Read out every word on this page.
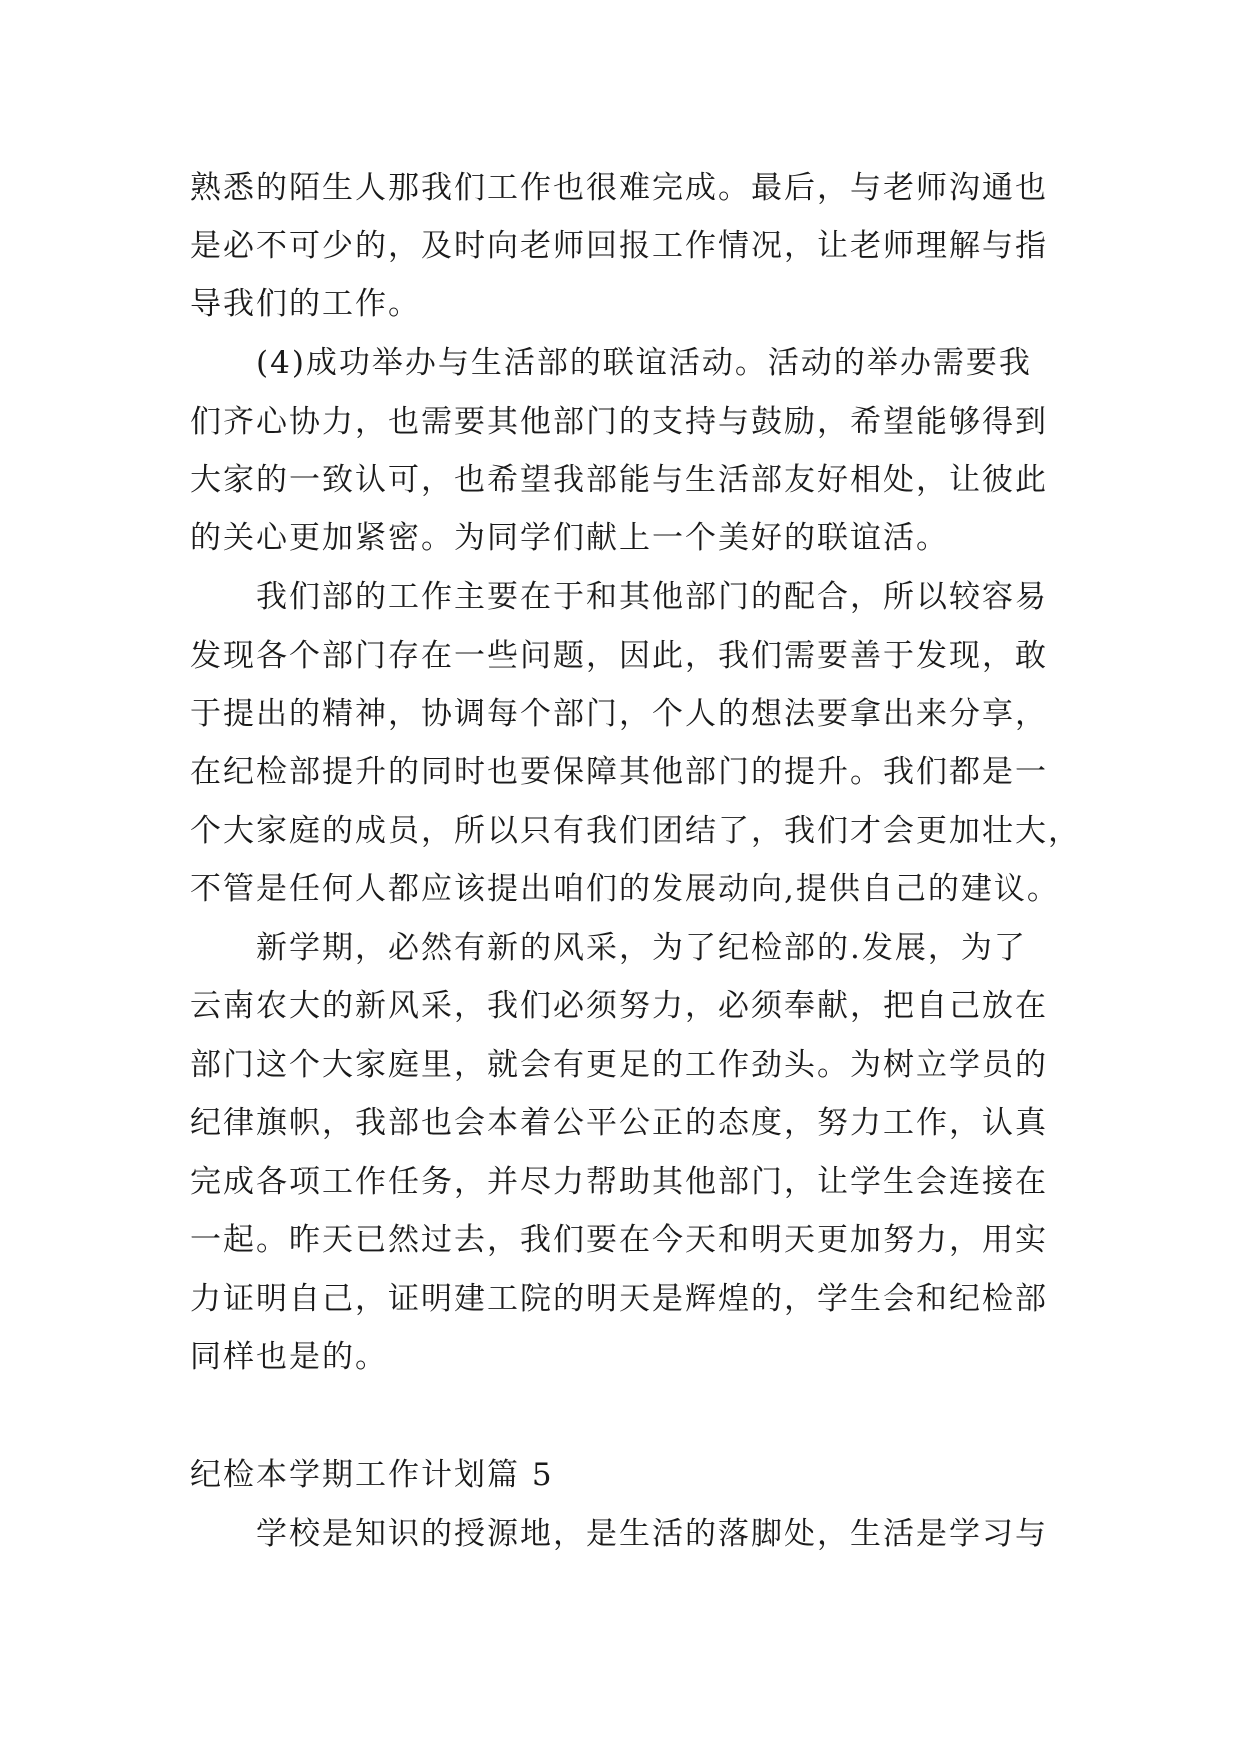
熟悉的陌生人那我们工作也很难完成。最后，与老师沟通也
是必不可少的，及时向老师回报工作情况，让老师理解与指
导我们的工作。
(4)成功举办与生活部的联谊活动。活动的举办需要我
们齐心协力，也需要其他部门的支持与鼓励，希望能够得到
大家的一致认可，也希望我部能与生活部友好相处，让彼此
的关心更加紧密。为同学们献上一个美好的联谊活。
我们部的工作主要在于和其他部门的配合，所以较容易
发现各个部门存在一些问题，因此，我们需要善于发现，敢
于提出的精神，协调每个部门，个人的想法要拿出来分享，
在纪检部提升的同时也要保障其他部门的提升。我们都是一
个大家庭的成员，所以只有我们团结了，我们才会更加壮大，
不管是任何人都应该提出咱们的发展动向,提供自己的建议。
新学期，必然有新的风采，为了纪检部的.发展，为了
云南农大的新风采，我们必须努力，必须奉献，把自己放在
部门这个大家庭里，就会有更足的工作劲头。为树立学员的
纪律旗帜，我部也会本着公平公正的态度，努力工作，认真
完成各项工作任务，并尽力帮助其他部门，让学生会连接在
一起。昨天已然过去，我们要在今天和明天更加努力，用实
力证明自己，证明建工院的明天是辉煌的，学生会和纪检部
同样也是的。
纪检本学期工作计划篇 5
学校是知识的授源地，是生活的落脚处，生活是学习与
